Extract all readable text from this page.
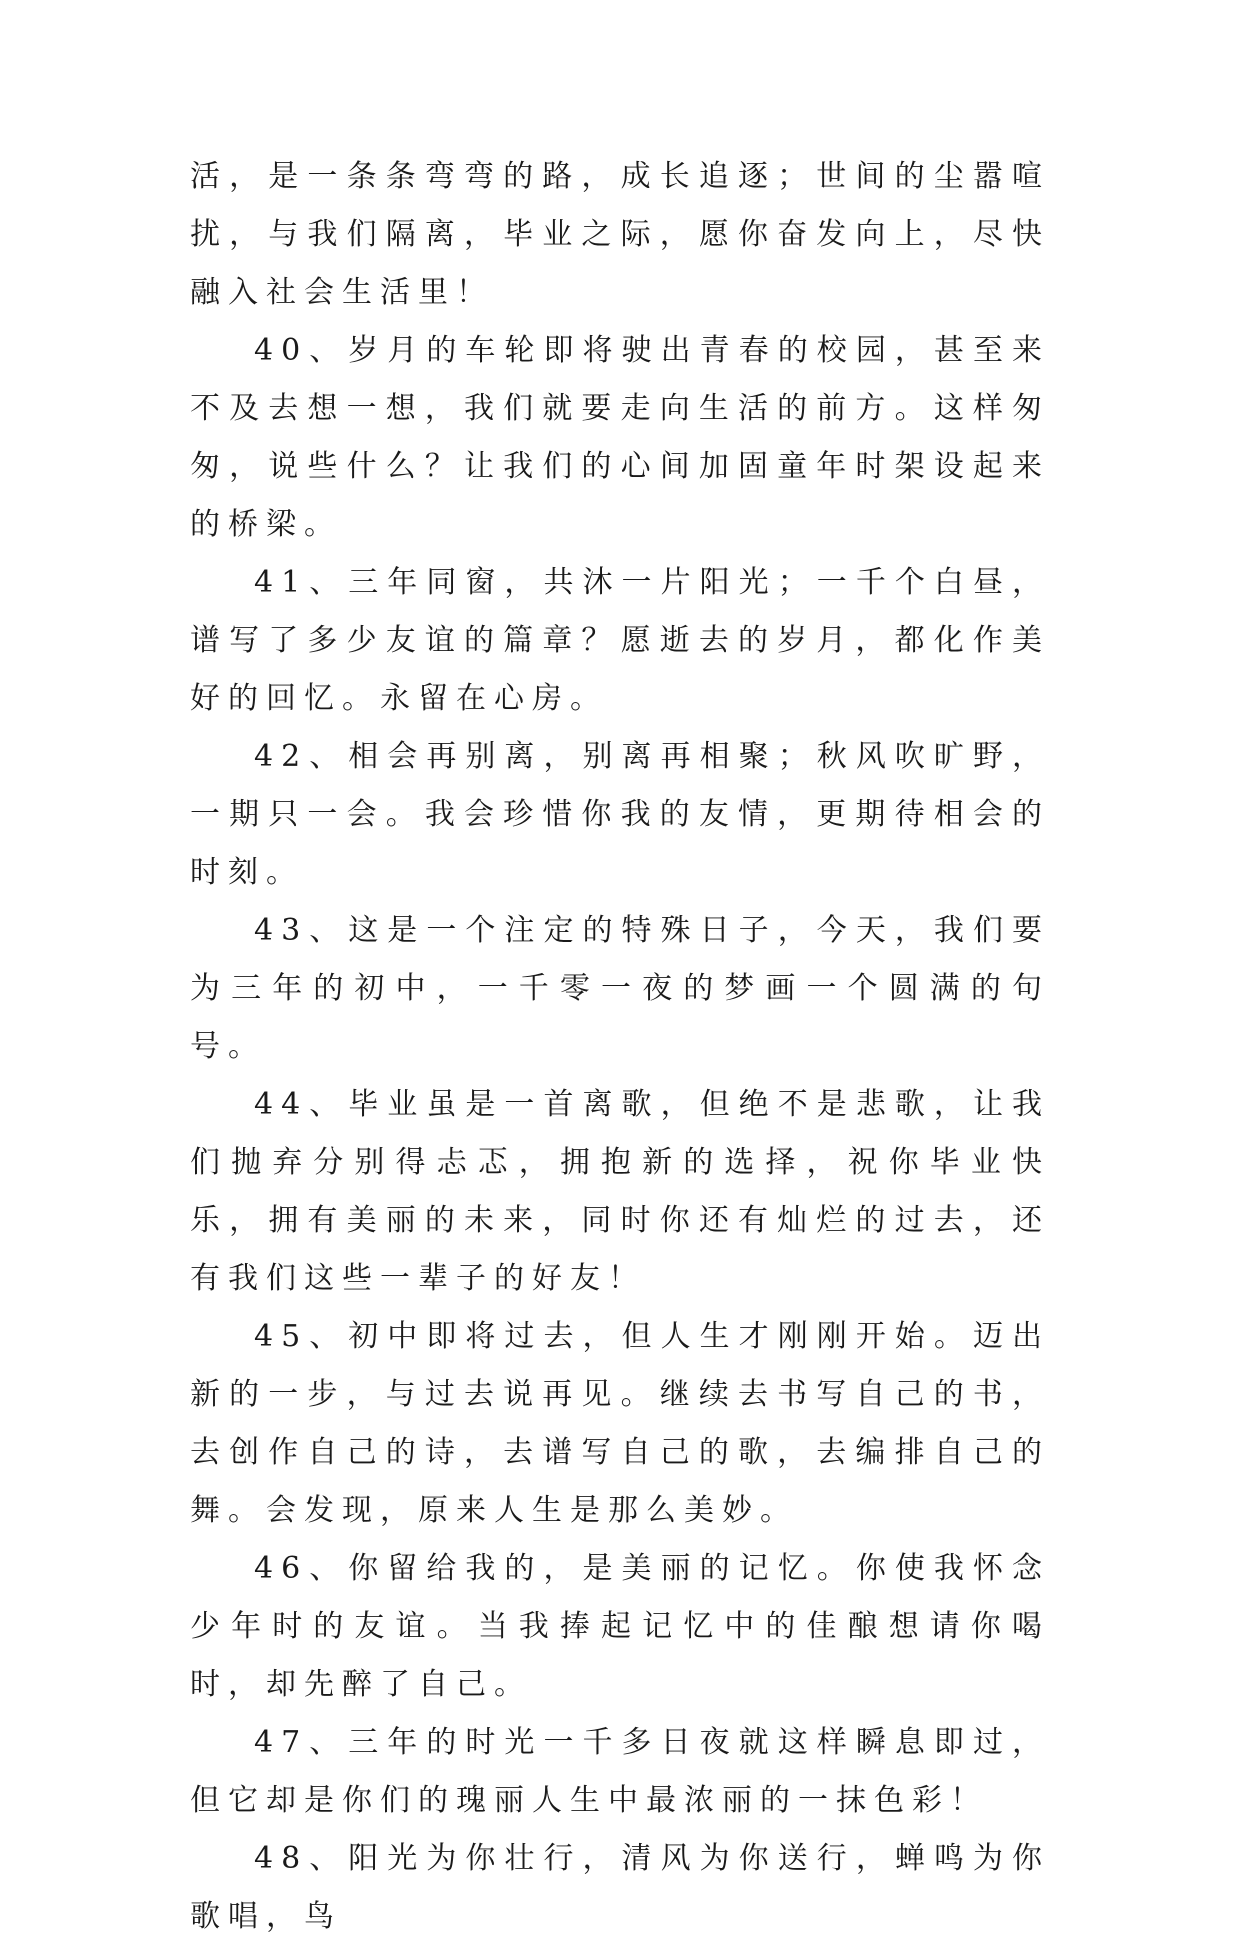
活，是一条条弯弯的路，成长追逐；世间的尘嚣喧扰，与我们隔离，毕业之际，愿你奋发向上，尽快融入社会生活里！

40、岁月的车轮即将驶出青春的校园，甚至来不及去想一想，我们就要走向生活的前方。这样匆匆，说些什么？让我们的心间加固童年时架设起来的桥梁。

41、三年同窗，共沐一片阳光；一千个白昼，谱写了多少友谊的篇章？愿逝去的岁月，都化作美好的回忆。永留在心房。

42、相会再别离，别离再相聚；秋风吹旷野，一期只一会。我会珍惜你我的友情，更期待相会的时刻。

43、这是一个注定的特殊日子，今天，我们要为三年的初中，一千零一夜的梦画一个圆满的句号。

44、毕业虽是一首离歌，但绝不是悲歌，让我们抛弃分别得忐忑，拥抱新的选择，祝你毕业快乐，拥有美丽的未来，同时你还有灿烂的过去，还有我们这些一辈子的好友！

45、初中即将过去，但人生才刚刚开始。迈出新的一步，与过去说再见。继续去书写自己的书，去创作自己的诗，去谱写自己的歌，去编排自己的舞。会发现，原来人生是那么美妙。

46、你留给我的，是美丽的记忆。你使我怀念少年时的友谊。当我捧起记忆中的佳酿想请你喝时，却先醉了自己。

47、三年的时光一千多日夜就这样瞬息即过，但它却是你们的瑰丽人生中最浓丽的一抹色彩！

48、阳光为你壮行，清风为你送行，蝉鸣为你歌唱，鸟
